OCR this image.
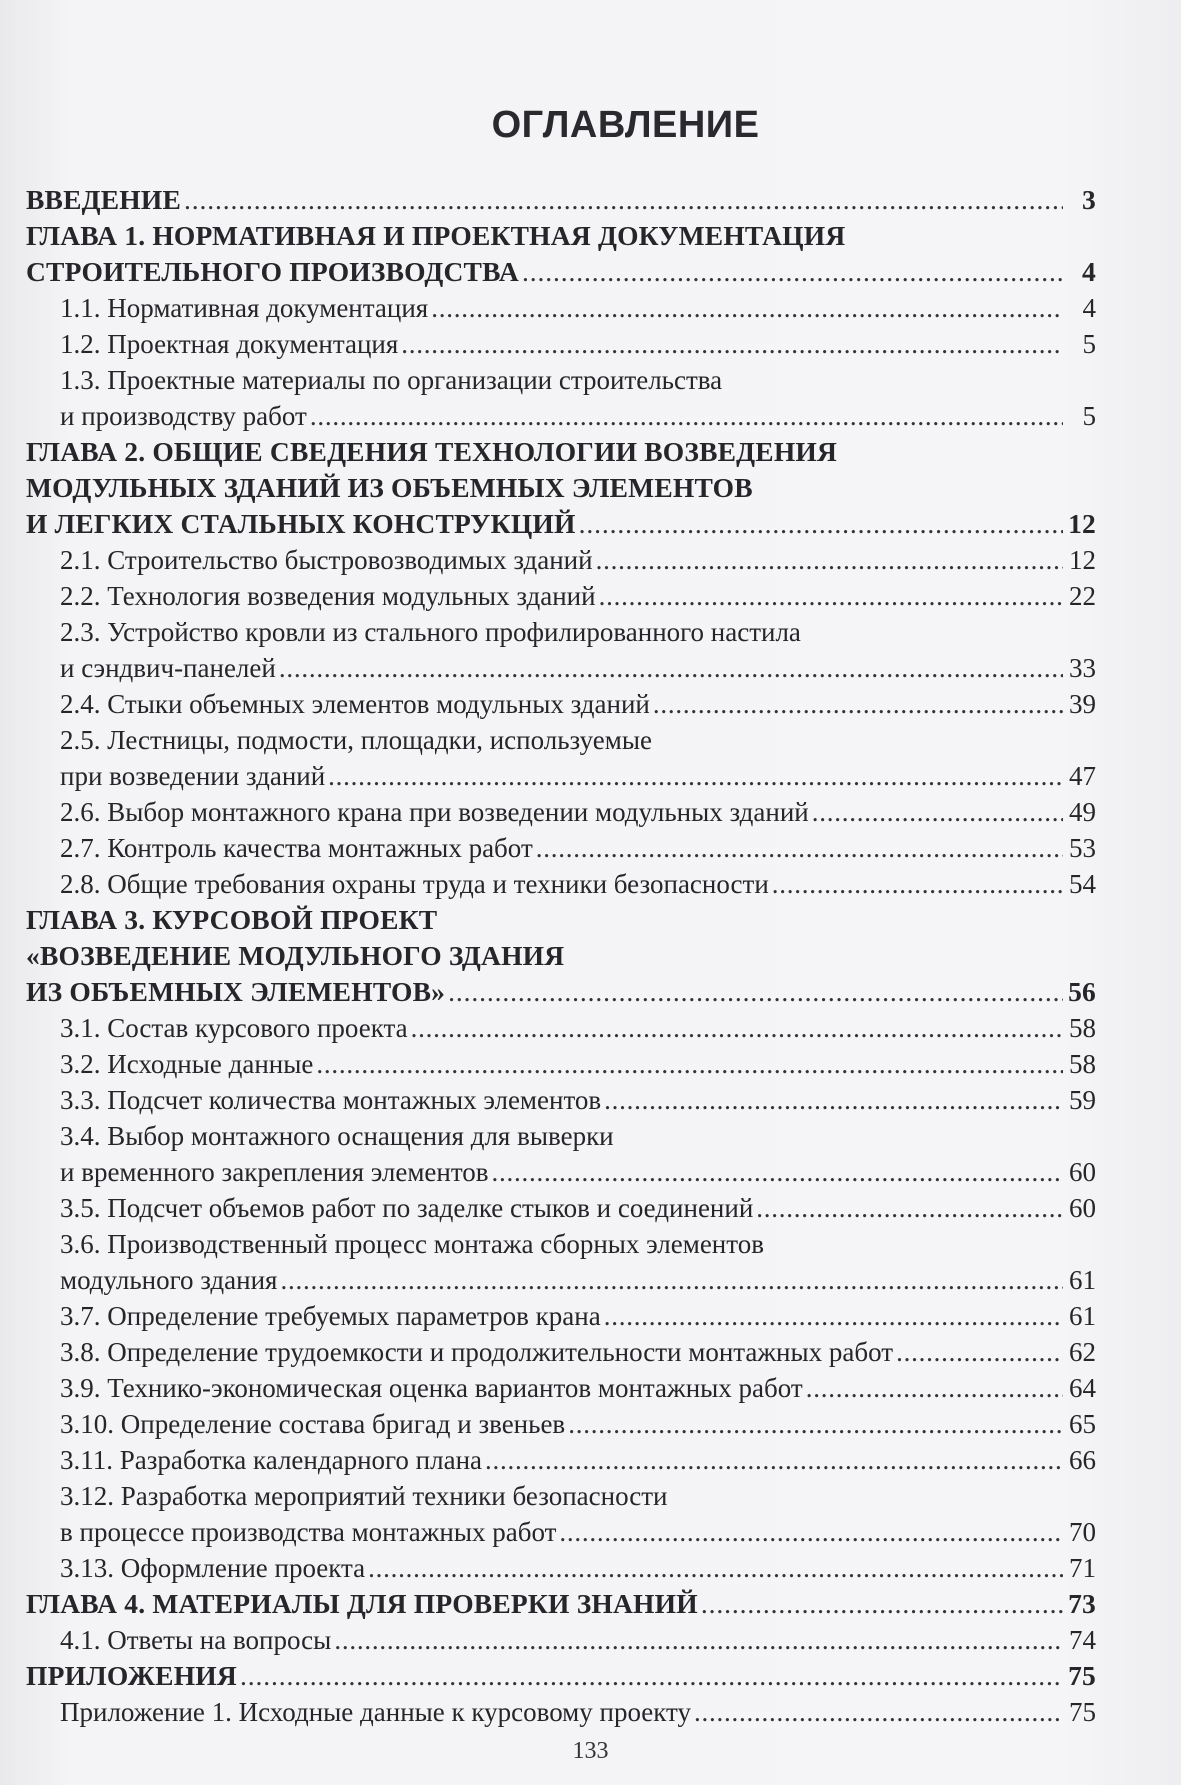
ОГЛАВЛЕНИЕ
ВВЕДЕНИЕ . . .	3
ГЛАВА 1. НОРМАТИВНАЯ И ПРОЕКТНАЯ ДОКУМЕНТАЦИЯ
СТРОИТЕЛЬНОГО ПРОИЗВОДСТВА . . .	4
1.1. Нормативная документация . . .	4
1.2. Проектная документация . . .	5
1.3. Проектные материалы по организации строительства
и производству работ . . .	5
ГЛАВА 2. ОБЩИЕ СВЕДЕНИЯ ТЕХНОЛОГИИ ВОЗВЕДЕНИЯ
МОДУЛЬНЫХ ЗДАНИЙ ИЗ ОБЪЕМНЫХ ЭЛЕМЕНТОВ
И ЛЕГКИХ СТАЛЬНЫХ КОНСТРУКЦИЙ . . .	12
2.1. Строительство быстровозводимых зданий . . .	12
2.2. Технология возведения модульных зданий . . .	22
2.3. Устройство кровли из стального профилированного настила
и сэндвич-панелей . . .	33
2.4. Стыки объемных элементов модульных зданий . . .	39
2.5. Лестницы, подмости, площадки, используемые
при возведении зданий . . .	47
2.6. Выбор монтажного крана при возведении модульных зданий . . .	49
2.7. Контроль качества монтажных работ . . .	53
2.8. Общие требования охраны труда и техники безопасности . . .	54
ГЛАВА 3. КУРСОВОЙ ПРОЕКТ
«ВОЗВЕДЕНИЕ МОДУЛЬНОГО ЗДАНИЯ
ИЗ ОБЪЕМНЫХ ЭЛЕМЕНТОВ» . . .	56
3.1. Состав курсового проекта . . .	58
3.2. Исходные данные . . .	58
3.3. Подсчет количества монтажных элементов . . .	59
3.4. Выбор монтажного оснащения для выверки
и временного закрепления элементов . . .	60
3.5. Подсчет объемов работ по заделке стыков и соединений . . .	60
3.6. Производственный процесс монтажа сборных элементов
модульного здания . . .	61
3.7. Определение требуемых параметров крана . . .	61
3.8. Определение трудоемкости и продолжительности монтажных работ . . .	62
3.9. Технико-экономическая оценка вариантов монтажных работ . . .	64
3.10. Определение состава бригад и звеньев . . .	65
3.11. Разработка календарного плана . . .	66
3.12. Разработка мероприятий техники безопасности
в процессе производства монтажных работ . . .	70
3.13. Оформление проекта . . .	71
ГЛАВА 4. МАТЕРИАЛЫ ДЛЯ ПРОВЕРКИ ЗНАНИЙ . . .	73
4.1. Ответы на вопросы . . .	74
ПРИЛОЖЕНИЯ . . .	75
Приложение 1. Исходные данные к курсовому проекту . . .	75
133
